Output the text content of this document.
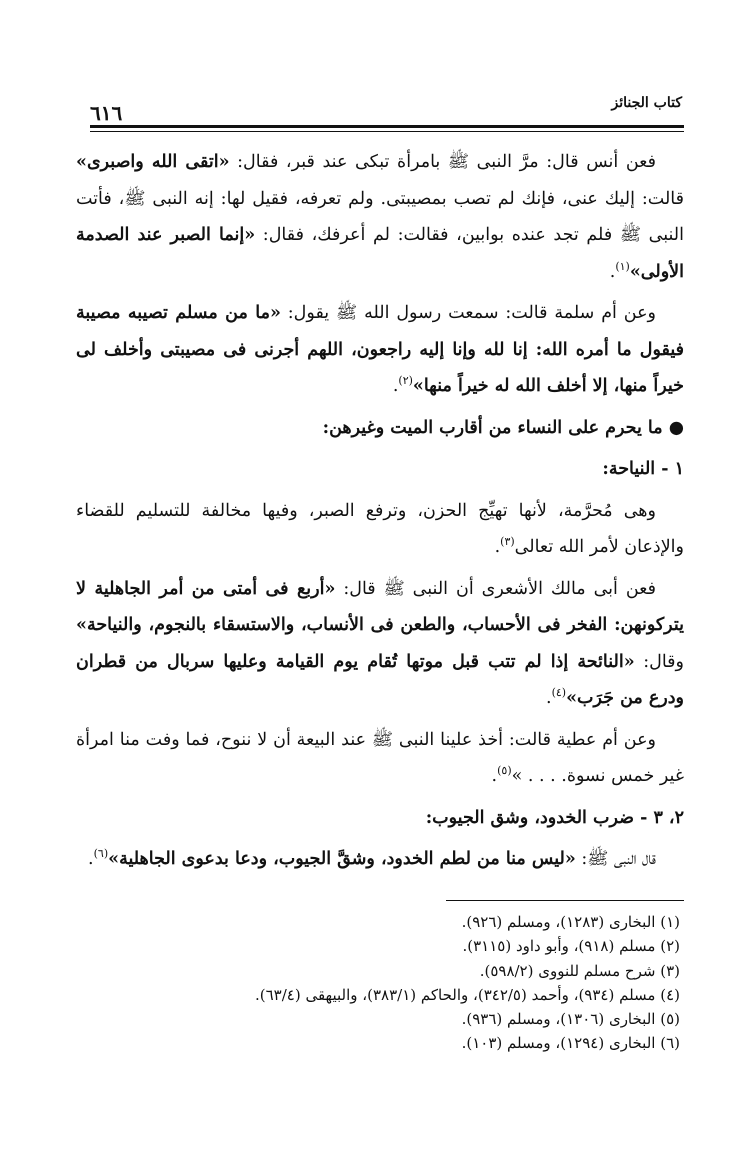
كتاب الجنائز
٦١٦

فعن أنس قال: مرَّ النبى ﷺ بامرأة تبكى عند قبر، فقال: «اتقى الله واصبرى» قالت: إليك عنى، فإنك لم تصب بمصيبتى. ولم تعرفه، فقيل لها: إنه النبى ﷺ، فأتت النبى ﷺ فلم تجد عنده بوابين، فقالت: لم أعرفك، فقال: «إنما الصبر عند الصدمة الأولى»$^{(١)}$.

وعن أم سلمة قالت: سمعت رسول الله ﷺ يقول: «ما من مسلم تصيبه مصيبة فيقول ما أمره الله: إنا لله وإنا إليه راجعون، اللهم أجرنى فى مصيبتى وأخلف لى خيراً منها، إلا أخلف الله له خيراً منها»$^{(٢)}$.

● ما يحرم على النساء من أقارب الميت وغيرهن:

١ - النياحة:

وهى مُحرَّمة، لأنها تهيِّج الحزن، وترفع الصبر، وفيها مخالفة للتسليم للقضاء والإذعان لأمر الله تعالى$^{(٣)}$.

فعن أبى مالك الأشعرى أن النبى ﷺ قال: «أربع فى أمتى من أمر الجاهلية لا يتركونهن: الفخر فى الأحساب، والطعن فى الأنساب، والاستسقاء بالنجوم، والنياحة» وقال: «النائحة إذا لم تتب قبل موتها تُقام يوم القيامة وعليها سربال من قطران ودرع من جَرَب»$^{(٤)}$.

وعن أم عطية قالت: أخذ علينا النبى ﷺ عند البيعة أن لا ننوح، فما وفت منا امرأة غير خمس نسوة. . . . »$^{(٥)}$.

٢، ٣ - ضرب الخدود، وشق الجيوب:

قال النبى ﷺ: «ليس منا من لطم الخدود، وشقَّ الجيوب، ودعا بدعوى الجاهلية»$^{(٦)}$.

(١) البخارى (١٢٨٣)، ومسلم (٩٢٦).

(٢) مسلم (٩١٨)، وأبو داود (٣١١٥).

(٣) شرح مسلم للنووى (٥٩٨/٢).

(٤) مسلم (٩٣٤)، وأحمد (٣٤٢/٥)، والحاكم (٣٨٣/١)، والبيهقى (٦٣/٤).

(٥) البخارى (١٣٠٦)، ومسلم (٩٣٦).

(٦) البخارى (١٢٩٤)، ومسلم (١٠٣).
